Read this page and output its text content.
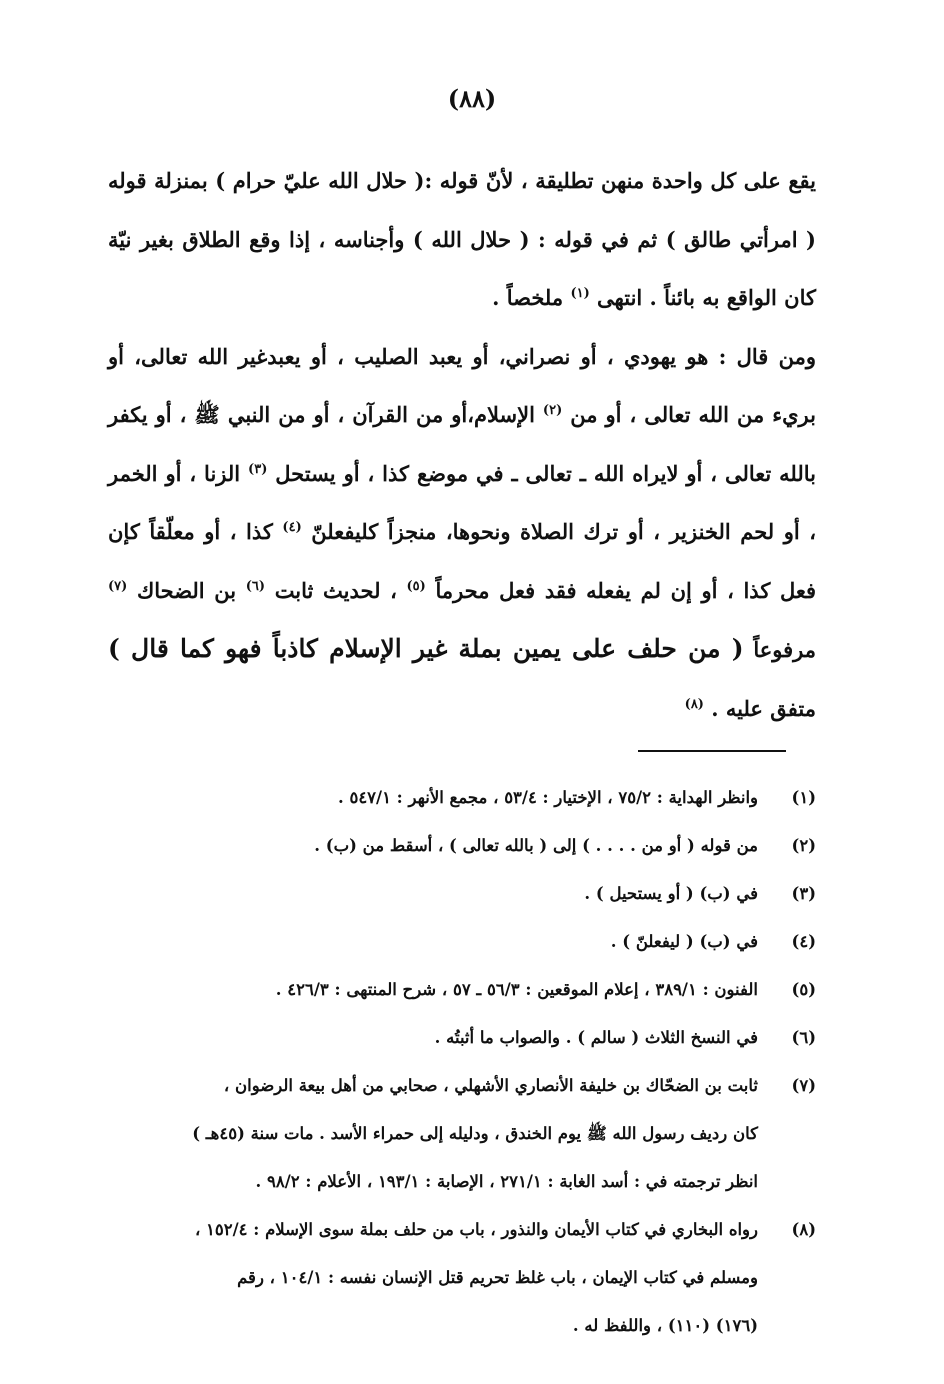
(٨٨)

يقع على كل واحدة منهن تطليقة ، لأنّ قوله :( حلال الله عليّ حرام ) بمنزلة قوله ( امرأتي طالق ) ثم في قوله : ( حلال الله ) وأجناسه ، إذا وقع الطلاق بغير نيّة كان الواقع به بائناً . انتهى $^{(١)}$ ملخصاً .

ومن قال : هو يهودي ، أو نصراني، أو يعبد الصليب ، أو يعبدغير الله تعالى، أو بريء من الله تعالى ، أو من $^{(٢)}$ الإسلام،أو من القرآن ، أو من النبي ﷺ ، أو يكفر بالله تعالى ، أو لايراه الله ـ تعالى ـ في موضع كذا ، أو يستحل $^{(٣)}$ الزنا ، أو الخمر ، أو لحم الخنزير ، أو ترك الصلاة ونحوها، منجزاً كليفعلنّ $^{(٤)}$ كذا ، أو معلّقاً كإن فعل كذا ، أو إن لم يفعله فقد فعل محرماً $^{(٥)}$ ، لحديث ثابت $^{(٦)}$ بن الضحاك $^{(٧)}$ مرفوعاً ( من حلف على يمين بملة غير الإسلام كاذباً فهو كما قال ) متفق عليه . $^{(٨)}$

(١)
وانظر الهداية : ٧٥/٢ ، الإختيار : ٥٣/٤ ، مجمع الأنهر : ٥٤٧/١ .
(٢)
من قوله ( أو من . . . . ) إلى ( بالله تعالى ) ، أسقط من (ب) .
(٣)
في (ب) ( أو يستحيل ) .
(٤)
في (ب) ( ليفعلنّ ) .
(٥)
الفنون : ٣٨٩/١ ، إعلام الموقعين : ٥٦/٣ ـ ٥٧ ، شرح المنتهى : ٤٢٦/٣ .
(٦)
في النسخ الثلاث ( سالم ) . والصواب ما أثبتُه .
(٧)
ثابت بن الضحّاك بن خليفة الأنصاري الأشهلي ، صحابي من أهل بيعة الرضوان ،
كان رديف رسول الله ﷺ يوم الخندق ، ودليله إلى حمراء الأسد . مات سنة (٤٥هـ )
انظر ترجمته في : أسد الغابة : ٢٧١/١ ، الإصابة : ١٩٣/١ ، الأعلام : ٩٨/٢ .
(٨)
رواه البخاري في كتاب الأيمان والنذور ، باب من حلف بملة سوى الإسلام : ١٥٢/٤ ،
ومسلم في كتاب الإيمان ، باب غلظ تحريم قتل الإنسان نفسه : ١٠٤/١ ، رقم
(١٧٦) (١١٠) ، واللفظ له .
